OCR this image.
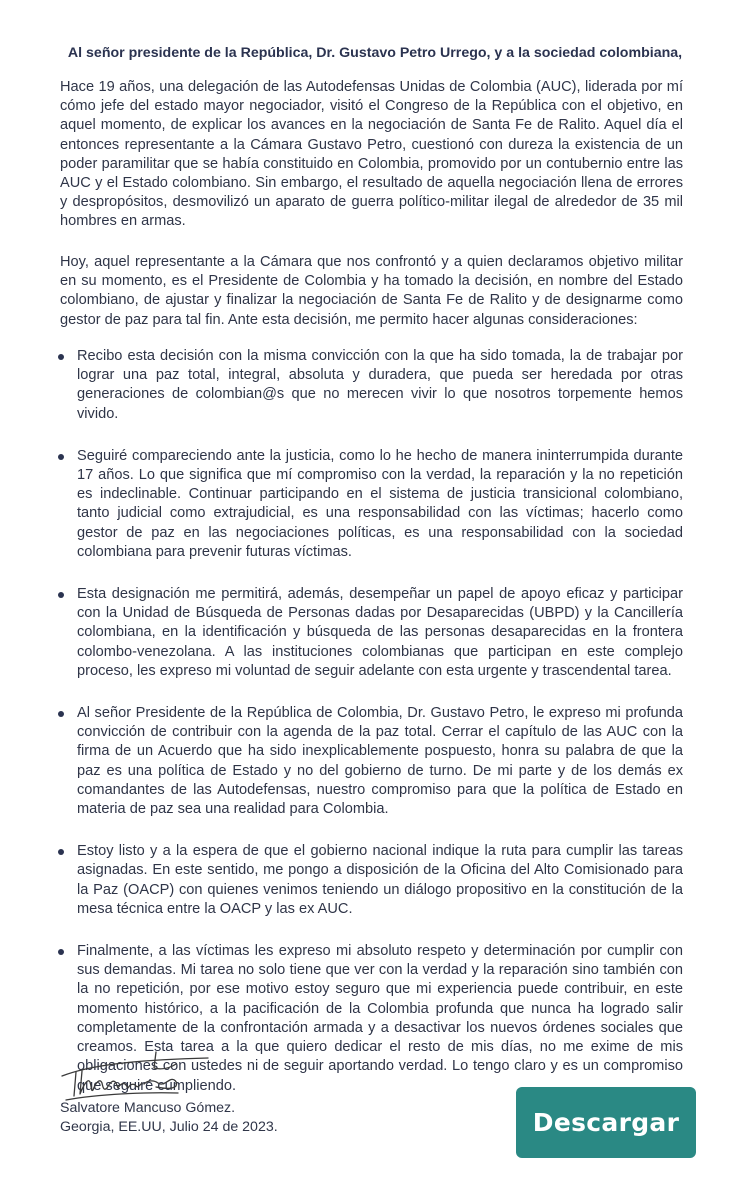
Al señor presidente de la República, Dr. Gustavo Petro Urrego, y a la sociedad colombiana,

Hace 19 años, una delegación de las Autodefensas Unidas de Colombia (AUC), liderada por mí cómo jefe del estado mayor negociador, visitó el Congreso de la República con el objetivo, en aquel momento, de explicar los avances en la negociación de Santa Fe de Ralito. Aquel día el entonces representante a la Cámara Gustavo Petro, cuestionó con dureza la existencia de un poder paramilitar que se había constituido en Colombia, promovido por un contubernio entre las AUC y el Estado colombiano. Sin embargo, el resultado de aquella negociación llena de errores y despropósitos, desmovilizó un aparato de guerra político-militar ilegal de alrededor de 35 mil hombres en armas.

Hoy, aquel representante a la Cámara que nos confrontó y a quien declaramos objetivo militar en su momento, es el Presidente de Colombia y ha tomado la decisión, en nombre del Estado colombiano, de ajustar y finalizar la negociación de Santa Fe de Ralito y de designarme como gestor de paz para tal fin. Ante esta decisión, me permito hacer algunas consideraciones:

Recibo esta decisión con la misma convicción con la que ha sido tomada, la de trabajar por lograr una paz total, integral, absoluta y duradera, que pueda ser heredada por otras generaciones de colombian@s que no merecen vivir lo que nosotros torpemente hemos vivido.
Seguiré compareciendo ante la justicia, como lo he hecho de manera ininterrumpida durante 17 años. Lo que significa que mí compromiso con la verdad, la reparación y la no repetición es indeclinable. Continuar participando en el sistema de justicia transicional colombiano, tanto judicial como extrajudicial, es una responsabilidad con las víctimas; hacerlo como gestor de paz en las negociaciones políticas, es una responsabilidad con la sociedad colombiana para prevenir futuras víctimas.
Esta designación me permitirá, además, desempeñar un papel de apoyo eficaz y participar con la Unidad de Búsqueda de Personas dadas por Desaparecidas (UBPD) y la Cancillería colombiana, en la identificación y búsqueda de las personas desaparecidas en la frontera colombo-venezolana. A las instituciones colombianas que participan en este complejo proceso, les expreso mi voluntad de seguir adelante con esta urgente y trascendental tarea.
Al señor Presidente de la República de Colombia, Dr. Gustavo Petro, le expreso mi profunda convicción de contribuir con la agenda de la paz total. Cerrar el capítulo de las AUC con la firma de un Acuerdo que ha sido inexplicablemente pospuesto, honra su palabra de que la paz es una política de Estado y no del gobierno de turno. De mi parte y de los demás ex comandantes de las Autodefensas, nuestro compromiso para que la política de Estado en materia de paz sea una realidad para Colombia.
Estoy listo y a la espera de que el gobierno nacional indique la ruta para cumplir las tareas asignadas. En este sentido, me pongo a disposición de la Oficina del Alto Comisionado para la Paz (OACP) con quienes venimos teniendo un diálogo propositivo en la constitución de la mesa técnica entre la OACP y las ex AUC.
Finalmente, a las víctimas les expreso mi absoluto respeto y determinación por cumplir con sus demandas. Mi tarea no solo tiene que ver con la verdad y la reparación sino también con la no repetición, por ese motivo estoy seguro que mi experiencia puede contribuir, en este momento histórico, a la pacificación de la Colombia profunda que nunca ha logrado salir completamente de la confrontación armada y a desactivar los nuevos órdenes sociales que creamos. Esta tarea a la que quiero dedicar el resto de mis días, no me exime de mis obligaciones con ustedes ni de seguir aportando verdad. Lo tengo claro y es un compromiso que seguiré cumpliendo.
Salvatore Mancuso Gómez.
Georgia, EE.UU, Julio 24 de 2023.	Descargar
